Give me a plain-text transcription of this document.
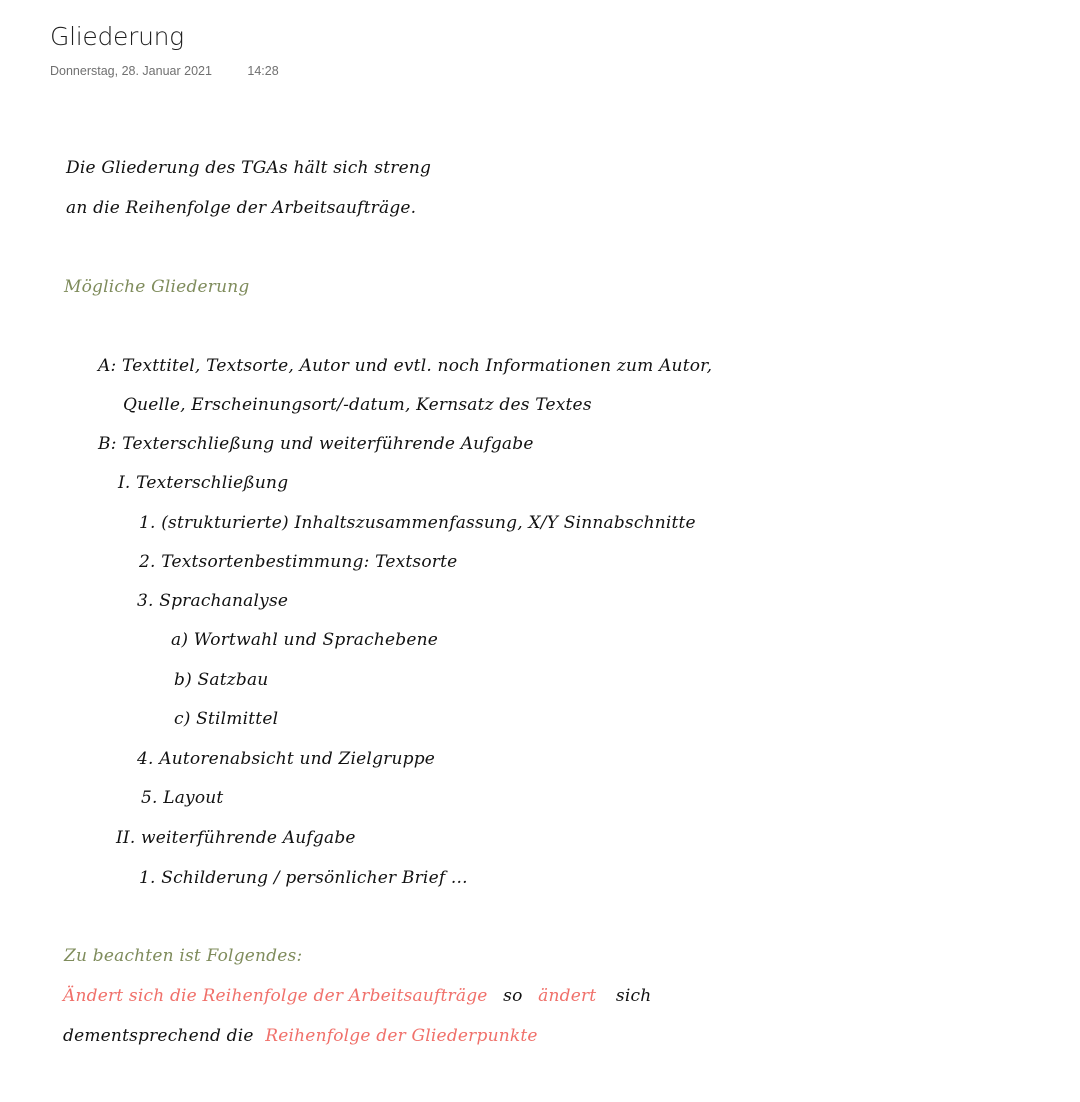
Gliederung
Donnerstag, 28. Januar 2021	14:28
Die Gliederung des TGAs hält sich streng
an die Reihenfolge der Arbeitsaufträge.
Mögliche Gliederung
A: Texttitel, Textsorte, Autor und evtl. noch Informationen zum Autor,
Quelle, Erscheinungsort/-datum, Kernsatz des Textes
B: Texterschließung und weiterführende Aufgabe
I. Texterschließung
1. (strukturierte) Inhaltszusammenfassung, X/Y Sinnabschnitte
2. Textsortenbestimmung: Textsorte
3. Sprachanalyse
a) Wortwahl und Sprachebene
b) Satzbau
c) Stilmittel
4. Autorenabsicht und Zielgruppe
5. Layout
II. weiterführende Aufgabe
1. Schilderung / persönlicher Brief ...
Zu beachten ist Folgendes:
Ändert sich die Reihenfolge der Arbeitsaufträge so ändert sich
dementsprechend die Reihenfolge der Gliederpunkte
